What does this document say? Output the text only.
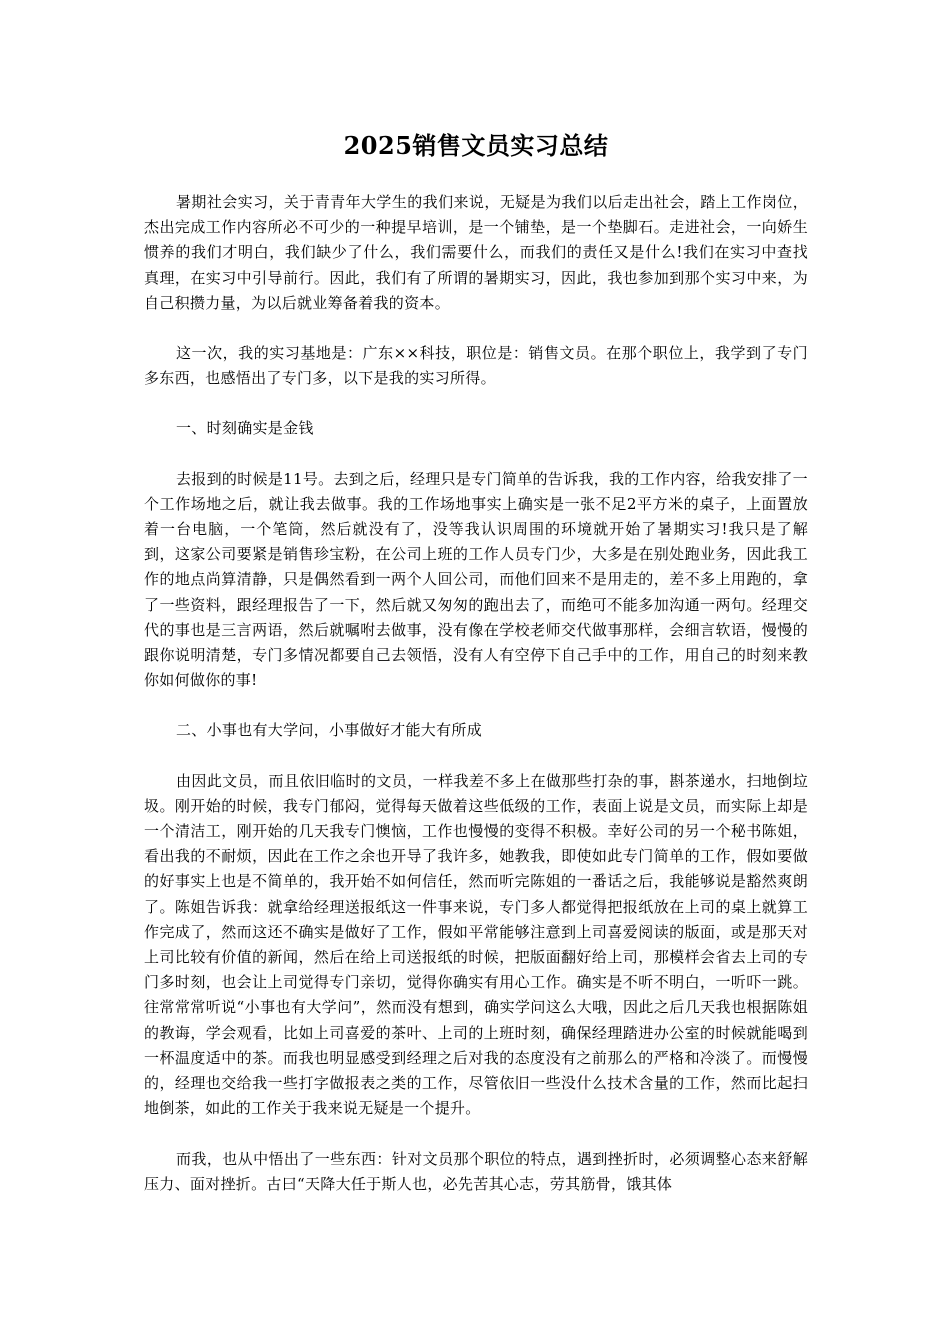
2025销售文员实习总结

暑期社会实习，关于青青年大学生的我们来说，无疑是为我们以后走出社会，踏上工作岗位，杰出完成工作内容所必不可少的一种提早培训，是一个铺垫，是一个垫脚石。走进社会，一向娇生惯养的我们才明白，我们缺少了什么，我们需要什么，而我们的责任又是什么!我们在实习中查找真理，在实习中引导前行。因此，我们有了所谓的暑期实习，因此，我也参加到那个实习中来，为自己积攒力量，为以后就业筹备着我的资本。

这一次，我的实习基地是：广东××科技，职位是：销售文员。在那个职位上，我学到了专门多东西，也感悟出了专门多，以下是我的实习所得。

一、时刻确实是金钱

去报到的时候是11号。去到之后，经理只是专门简单的告诉我，我的工作内容，给我安排了一个工作场地之后，就让我去做事。我的工作场地事实上确实是一张不足2平方米的桌子，上面置放着一台电脑，一个笔筒，然后就没有了，没等我认识周围的环境就开始了暑期实习!我只是了解到，这家公司要紧是销售珍宝粉，在公司上班的工作人员专门少，大多是在别处跑业务，因此我工作的地点尚算清静，只是偶然看到一两个人回公司，而他们回来不是用走的，差不多上用跑的，拿了一些资料，跟经理报告了一下，然后就又匆匆的跑出去了，而绝可不能多加沟通一两句。经理交代的事也是三言两语，然后就嘱咐去做事，没有像在学校老师交代做事那样，会细言软语，慢慢的跟你说明清楚，专门多情况都要自己去领悟，没有人有空停下自己手中的工作，用自己的时刻来教你如何做你的事!

二、小事也有大学问，小事做好才能大有所成

由因此文员，而且依旧临时的文员，一样我差不多上在做那些打杂的事，斟茶递水，扫地倒垃圾。刚开始的时候，我专门郁闷，觉得每天做着这些低级的工作，表面上说是文员，而实际上却是一个清洁工，刚开始的几天我专门懊恼，工作也慢慢的变得不积极。幸好公司的另一个秘书陈姐，看出我的不耐烦，因此在工作之余也开导了我许多，她教我，即使如此专门简单的工作，假如要做的好事实上也是不简单的，我开始不如何信任，然而听完陈姐的一番话之后，我能够说是豁然爽朗了。陈姐告诉我：就拿给经理送报纸这一件事来说，专门多人都觉得把报纸放在上司的桌上就算工作完成了，然而这还不确实是做好了工作，假如平常能够注意到上司喜爱阅读的版面，或是那天对上司比较有价值的新闻，然后在给上司送报纸的时候，把版面翻好给上司，那模样会省去上司的专门多时刻，也会让上司觉得专门亲切，觉得你确实有用心工作。确实是不听不明白，一听吓一跳。往常常常听说“小事也有大学问”，然而没有想到，确实学问这么大哦，因此之后几天我也根据陈姐的教诲，学会观看，比如上司喜爱的茶叶、上司的上班时刻，确保经理踏进办公室的时候就能喝到一杯温度适中的茶。而我也明显感受到经理之后对我的态度没有之前那么的严格和冷淡了。而慢慢的，经理也交给我一些打字做报表之类的工作，尽管依旧一些没什么技术含量的工作，然而比起扫地倒茶，如此的工作关于我来说无疑是一个提升。

而我，也从中悟出了一些东西：针对文员那个职位的特点，遇到挫折时，必须调整心态来舒解压力、面对挫折。古曰“天降大任于斯人也，必先苦其心志，劳其筋骨，饿其体
